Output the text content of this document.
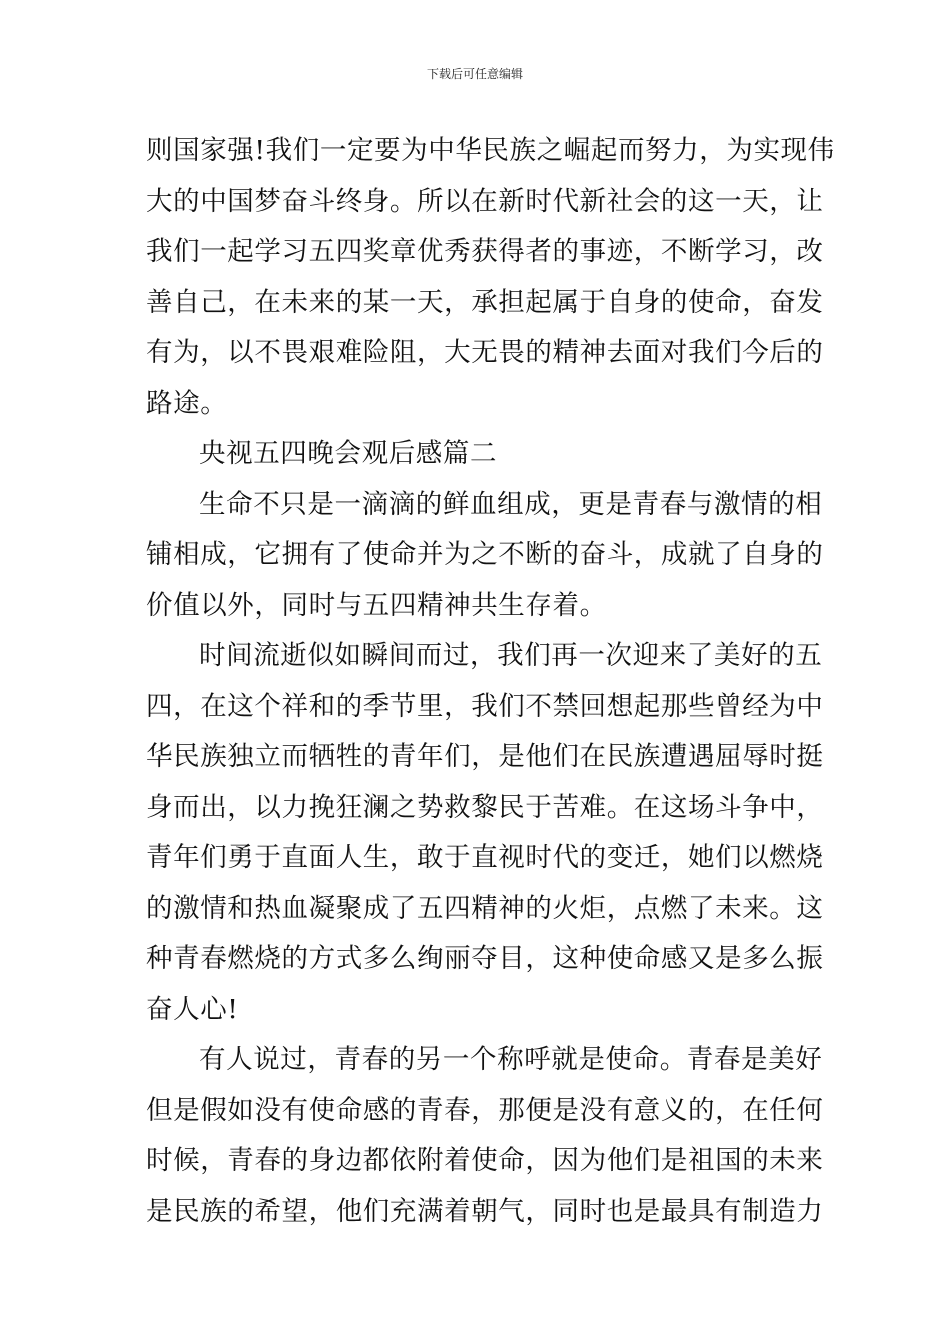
下载后可任意编辑
则国家强!我们一定要为中华民族之崛起而努力，为实现伟
大的中国梦奋斗终身。所以在新时代新社会的这一天，让
我们一起学习五四奖章优秀获得者的事迹，不断学习，改
善自己，在未来的某一天，承担起属于自身的使命，奋发
有为，以不畏艰难险阻，大无畏的精神去面对我们今后的
路途。
央视五四晚会观后感篇二
生命不只是一滴滴的鲜血组成，更是青春与激情的相
铺相成，它拥有了使命并为之不断的奋斗，成就了自身的
价值以外，同时与五四精神共生存着。
时间流逝似如瞬间而过，我们再一次迎来了美好的五
四，在这个祥和的季节里，我们不禁回想起那些曾经为中
华民族独立而牺牲的青年们，是他们在民族遭遇屈辱时挺
身而出，以力挽狂澜之势救黎民于苦难。在这场斗争中，
青年们勇于直面人生，敢于直视时代的变迁，她们以燃烧
的激情和热血凝聚成了五四精神的火炬，点燃了未来。这
种青春燃烧的方式多么绚丽夺目，这种使命感又是多么振
奋人心!
有人说过，青春的另一个称呼就是使命。青春是美好
但是假如没有使命感的青春，那便是没有意义的，在任何
时候，青春的身边都依附着使命，因为他们是祖国的未来
是民族的希望，他们充满着朝气，同时也是最具有制造力
